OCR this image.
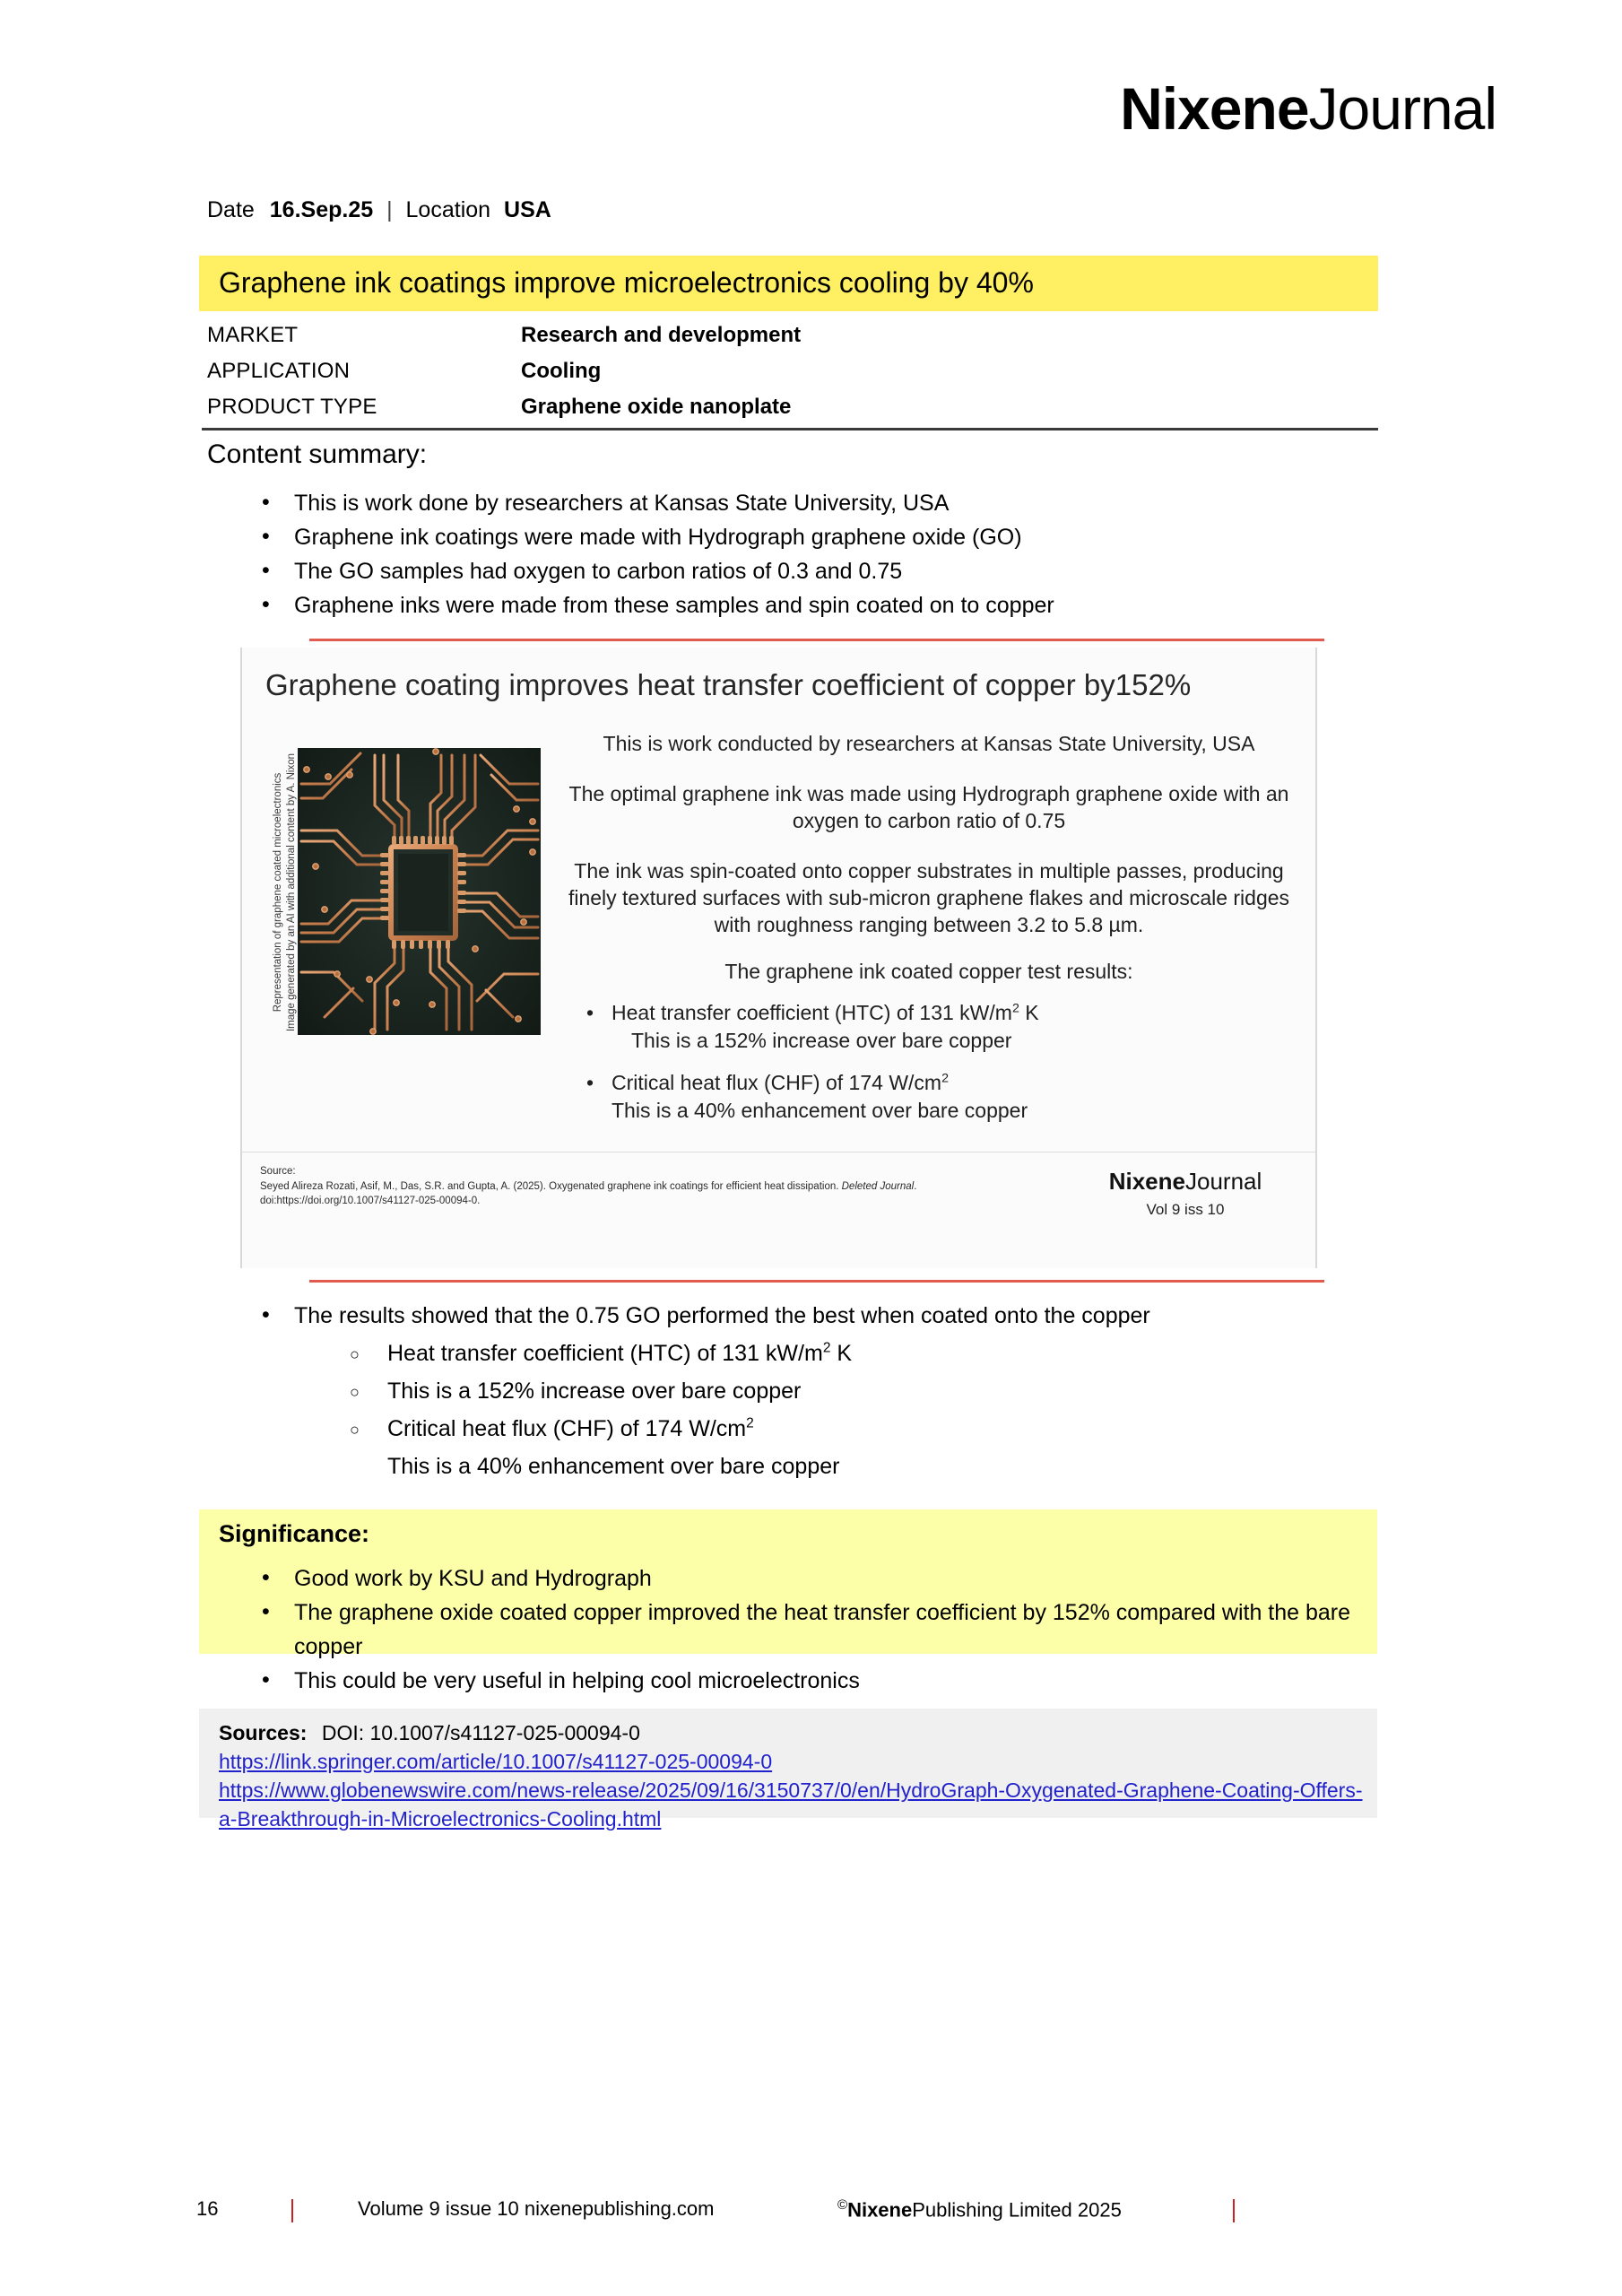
NixeneJournal
Date 16.Sep.25 | Location USA
Graphene ink coatings improve microelectronics cooling by 40%
MARKET	Research and development
APPLICATION	Cooling
PRODUCT TYPE	Graphene oxide nanoplate
Content summary:
• This is work done by researchers at Kansas State University, USA
• Graphene ink coatings were made with Hydrograph graphene oxide (GO)
• The GO samples had oxygen to carbon ratios of 0.3 and 0.75
• Graphene inks were made from these samples and spin coated on to copper
Graphene coating improves heat transfer coefficient of copper by152%
Representation of graphene coated microelectronics Image generated by an AI with additional content by A. Nixon

This is work conducted by researchers at Kansas State University, USA

The optimal graphene ink was made using Hydrograph graphene oxide with an oxygen to carbon ratio of 0.75

The ink was spin-coated onto copper substrates in multiple passes, producing finely textured surfaces with sub-micron graphene flakes and microscale ridges with roughness ranging between 3.2 to 5.8 µm.

The graphene ink coated copper test results:

• Heat transfer coefficient (HTC) of 131 $kW/m^2$ K
This is a 152% increase over bare copper
• Critical heat flux (CHF) of 174 $W/cm^2$
This is a 40% enhancement over bare copper
Source:
Seyed Alireza Rozati, Asif, M., Das, S.R. and Gupta, A. (2025). Oxygenated graphene ink coatings for efficient heat dissipation. Deleted Journal. doi:https://doi.org/10.1007/s41127-025-00094-0.
NixeneJournal
Vol 9 iss 10
• The results showed that the 0.75 GO performed the best when coated onto the copper
○ Heat transfer coefficient (HTC) of 131 $kW/m^2$ K
○ This is a 152% increase over bare copper
○ Critical heat flux (CHF) of 174 $W/cm^2$
This is a 40% enhancement over bare copper
Significance:
• Good work by KSU and Hydrograph
• The graphene oxide coated copper improved the heat transfer coefficient by 152% compared with the bare copper
• This could be very useful in helping cool microelectronics
Sources: DOI: 10.1007/s41127-025-00094-0
https://link.springer.com/article/10.1007/s41127-025-00094-0
https://www.globenewswire.com/news-release/2025/09/16/3150737/0/en/HydroGraph-Oxygenated-Graphene-Coating-Offers-a-Breakthrough-in-Microelectronics-Cooling.html
16	Volume 9 issue 10 nixenepublishing.com	©NixenePublishing Limited 2025
